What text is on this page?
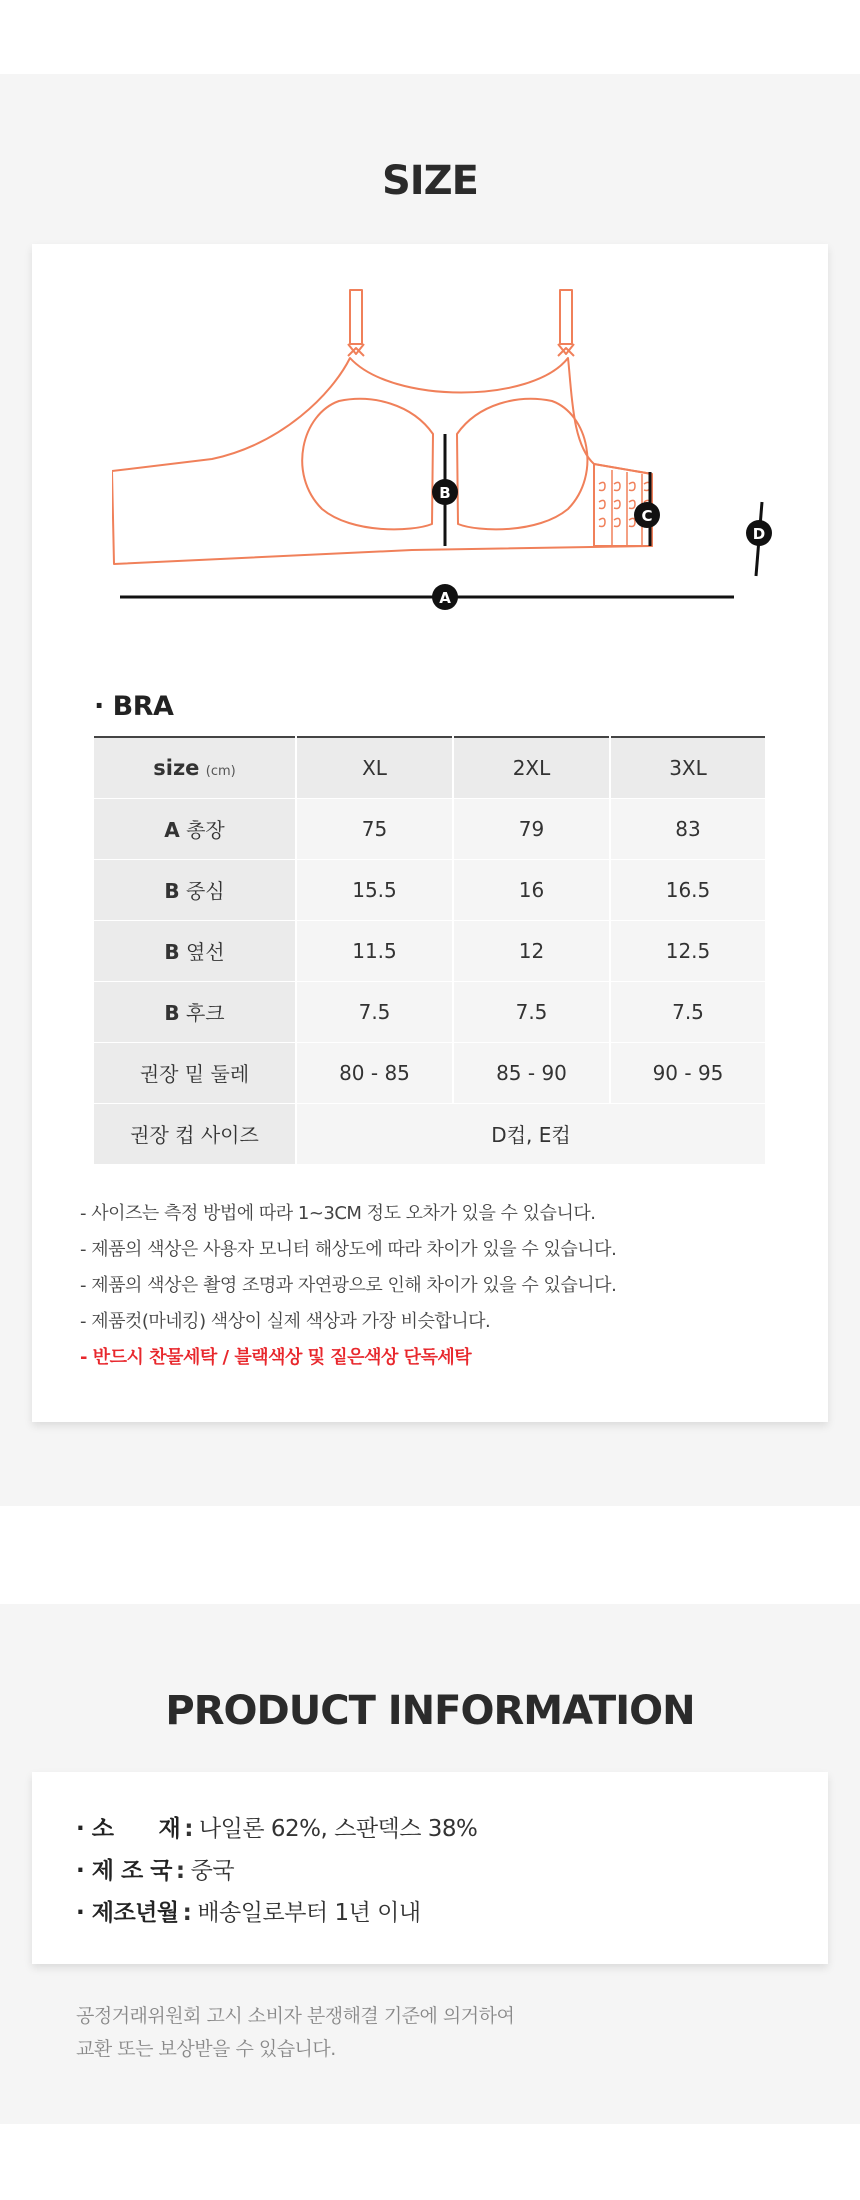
SIZE
A
B
C
D
· BRA
size (cm)	XL	2XL	3XL
A 총장	75	79	83
B 중심	15.5	16	16.5
B 옆선	11.5	12	12.5
B 후크	7.5	7.5	7.5
권장 밑 둘레	80 - 85	85 - 90	90 - 95
권장 컵 사이즈	D컵, E컵		
- 사이즈는 측정 방법에 따라 1~3CM 정도 오차가 있을 수 있습니다.
- 제품의 색상은 사용자 모니터 해상도에 따라 차이가 있을 수 있습니다.
- 제품의 색상은 촬영 조명과 자연광으로 인해 차이가 있을 수 있습니다.
- 제품컷(마네킹) 색상이 실제 색상과 가장 비슷합니다.
- 반드시 찬물세탁 / 블랙색상 및 짙은색상 단독세탁
PRODUCT INFORMATION
· 소　　재 : 나일론 62%, 스판덱스 38%
· 제 조 국 : 중국
· 제조년월 : 배송일로부터 1년 이내
공정거래위원회 고시 소비자 분쟁해결 기준에 의거하여
교환 또는 보상받을 수 있습니다.
